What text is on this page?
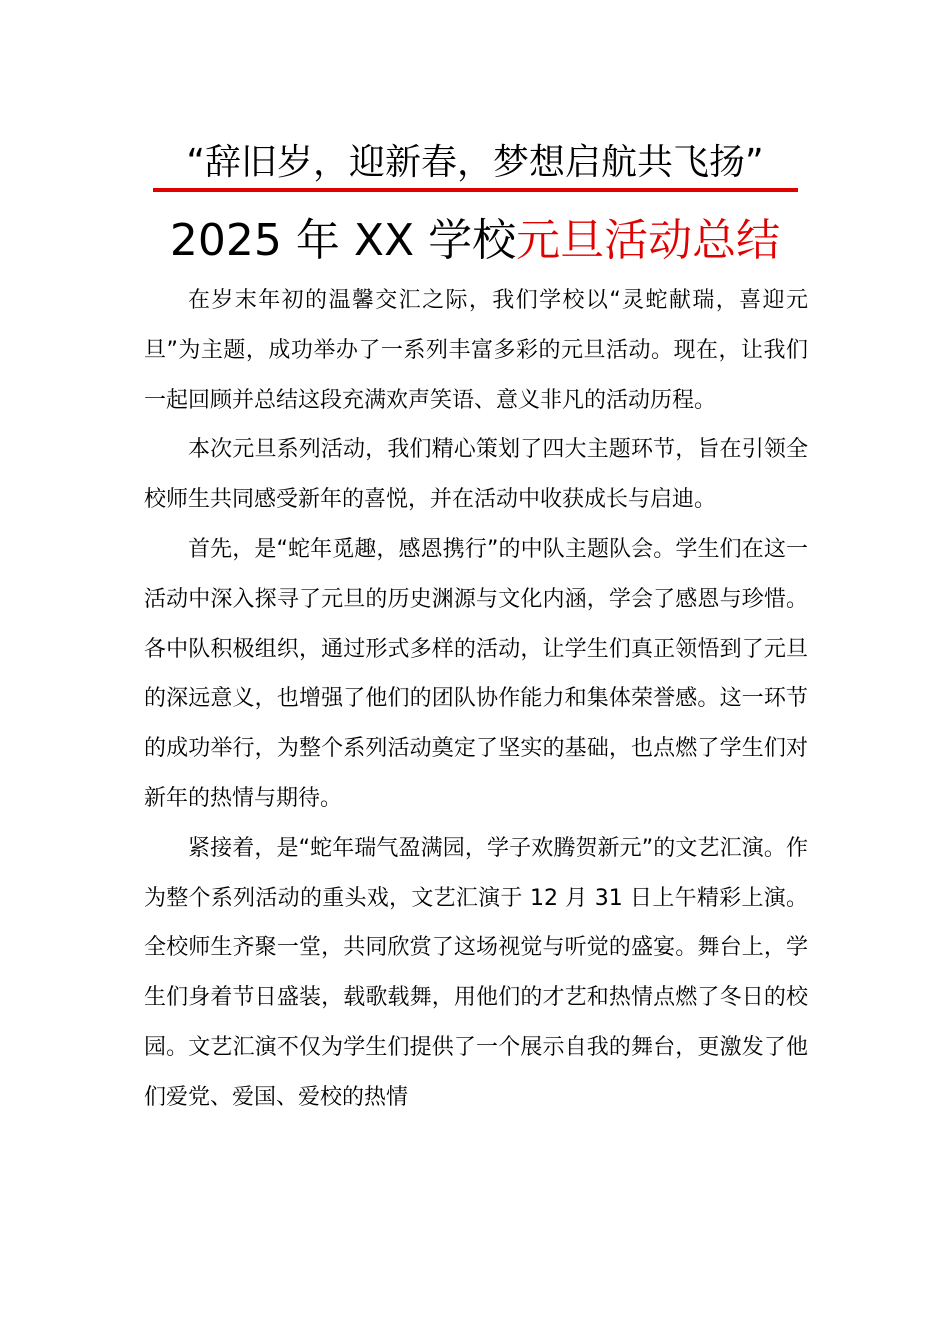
“辞旧岁，迎新春，梦想启航共飞扬”
2025 年 XX 学校元旦活动总结

在岁末年初的温馨交汇之际，我们学校以“灵蛇献瑞，喜迎元旦”为主题，成功举办了一系列丰富多彩的元旦活动。现在，让我们一起回顾并总结这段充满欢声笑语、意义非凡的活动历程。

本次元旦系列活动，我们精心策划了四大主题环节，旨在引领全校师生共同感受新年的喜悦，并在活动中收获成长与启迪。

首先，是“蛇年觅趣，感恩携行”的中队主题队会。学生们在这一活动中深入探寻了元旦的历史渊源与文化内涵，学会了感恩与珍惜。各中队积极组织，通过形式多样的活动，让学生们真正领悟到了元旦的深远意义，也增强了他们的团队协作能力和集体荣誉感。这一环节的成功举行，为整个系列活动奠定了坚实的基础，也点燃了学生们对新年的热情与期待。

紧接着，是“蛇年瑞气盈满园，学子欢腾贺新元”的文艺汇演。作为整个系列活动的重头戏，文艺汇演于 12 月 31 日上午精彩上演。全校师生齐聚一堂，共同欣赏了这场视觉与听觉的盛宴。舞台上，学生们身着节日盛装，载歌载舞，用他们的才艺和热情点燃了冬日的校园。文艺汇演不仅为学生们提供了一个展示自我的舞台，更激发了他们爱党、爱国、爱校的热情
